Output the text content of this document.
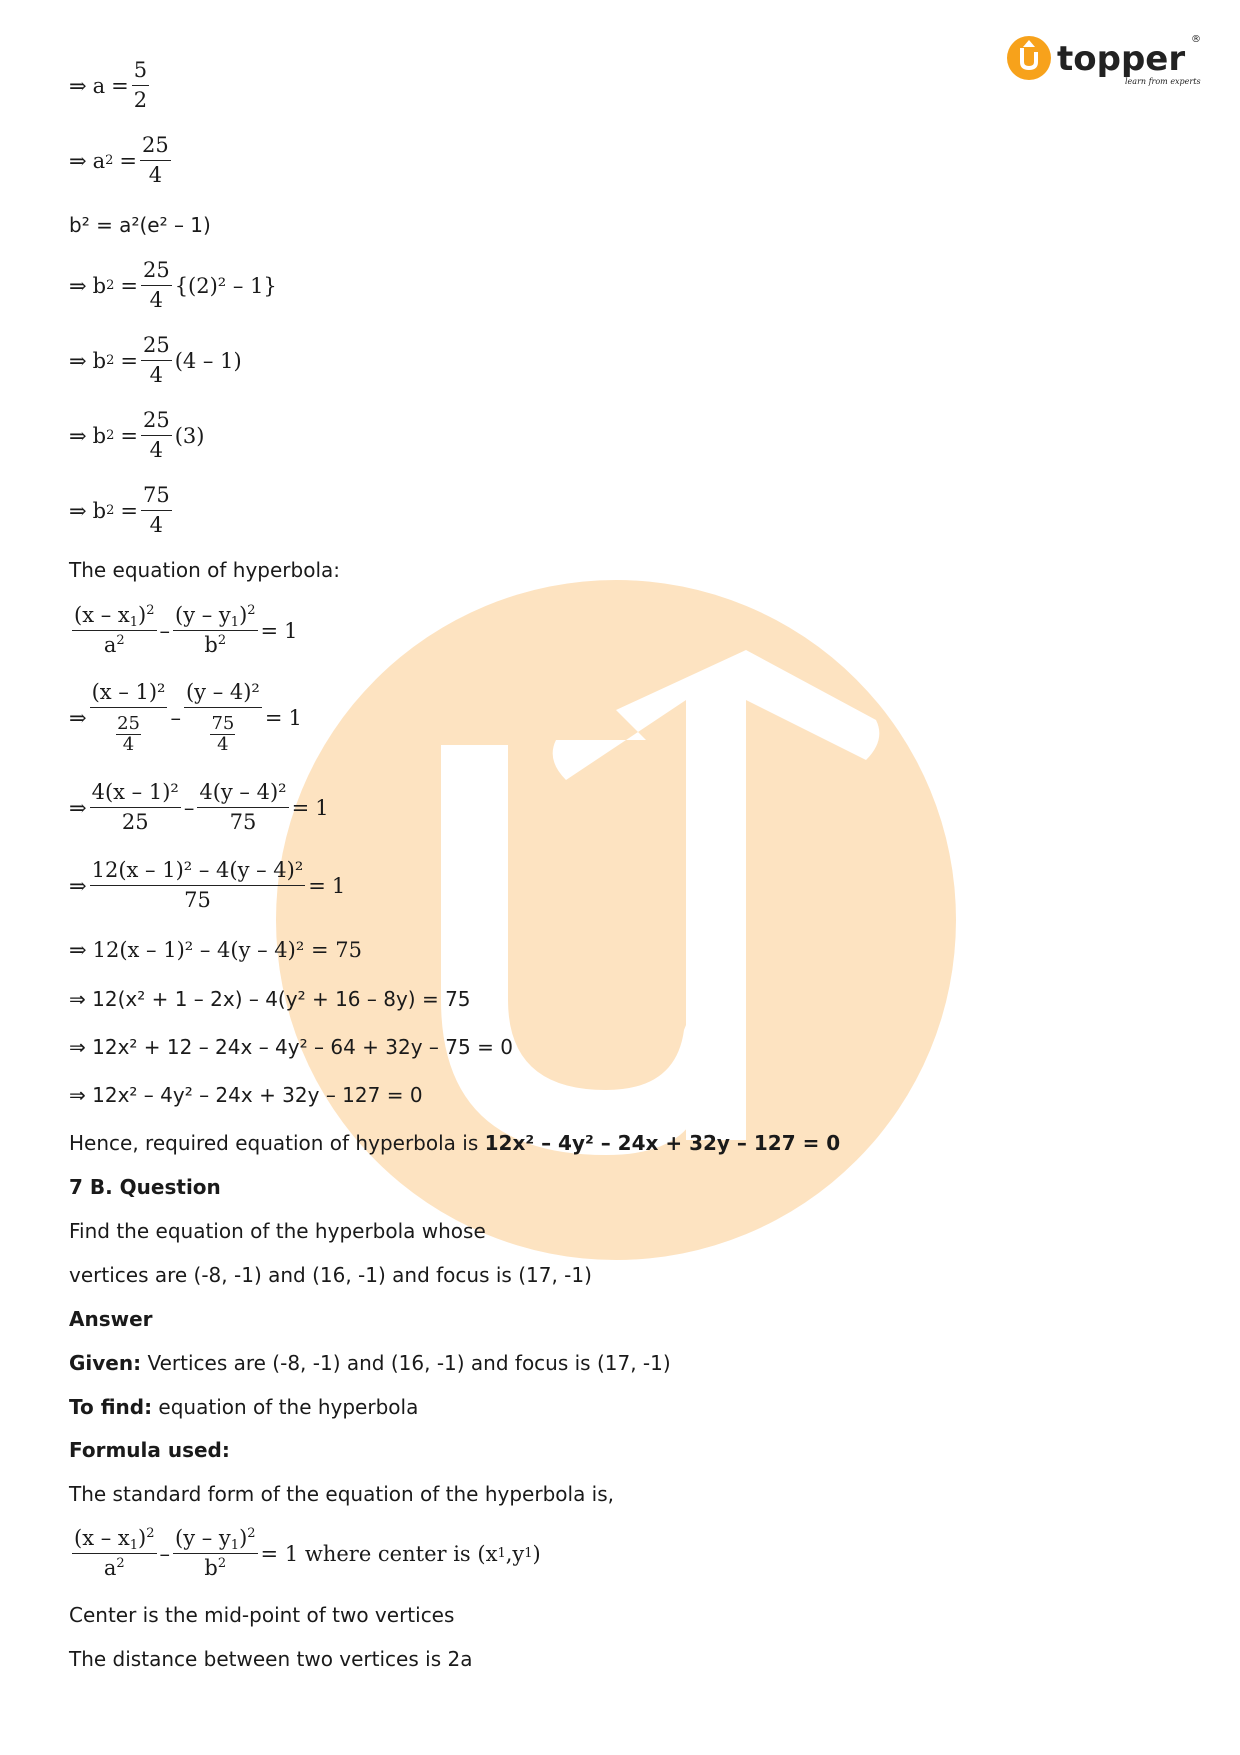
topper
learn from experts
®
⇒ $a = \frac{5}{2}$
⇒ a $2 = \frac{25}{4}$
b² = a²(e² – 1)
⇒ b $2 = \frac{25}{4} \{(2)^2 - 1\}$
⇒ b $2 = \frac{25}{4} (4 - 1)$
⇒ b $2 = \frac{25}{4} (3)$
⇒ b $2 = \frac{75}{4}$
The equation of hyperbola:
$\frac{(x - x_1)^2}{a^2} - \frac{(y - y_1)^2}{b^2} = 1$
⇒ $\frac{\text{(x – 1)²}}{\frac{25}{4}} - \frac{\text{(y – 4)²}}{\frac{75}{4}} = 1$
⇒ $\frac{\text{4(x – 1)²}}{25} - \frac{\text{4(y – 4)²}}{75} = 1$
⇒ $\frac{\text{12(x – 1)² – 4(y – 4)²}}{75} = 1$
⇒ 12(x – 1)² – 4(y – 4)² = 75
⇒ 12(x² + 1 – 2x) – 4(y² + 16 – 8y) = 75
⇒ 12x² + 12 – 24x – 4y² – 64 + 32y – 75 = 0
⇒ 12x² – 4y² – 24x + 32y – 127 = 0
Hence, required equation of hyperbola is 12x² – 4y² – 24x + 32y – 127 = 0
7 B. Question
Find the equation of the hyperbola whose
vertices are (-8, -1) and (16, -1) and focus is (17, -1)
Answer
Given: Vertices are (-8, -1) and (16, -1) and focus is (17, -1)
To find: equation of the hyperbola
Formula used:
The standard form of the equation of the hyperbola is,
$\frac{(x - x_1)^2}{a^2} - \frac{(y - y_1)^2}{b^2} = 1$ where center is (x 1 ,y 1 )
Center is the mid-point of two vertices
The distance between two vertices is 2a
